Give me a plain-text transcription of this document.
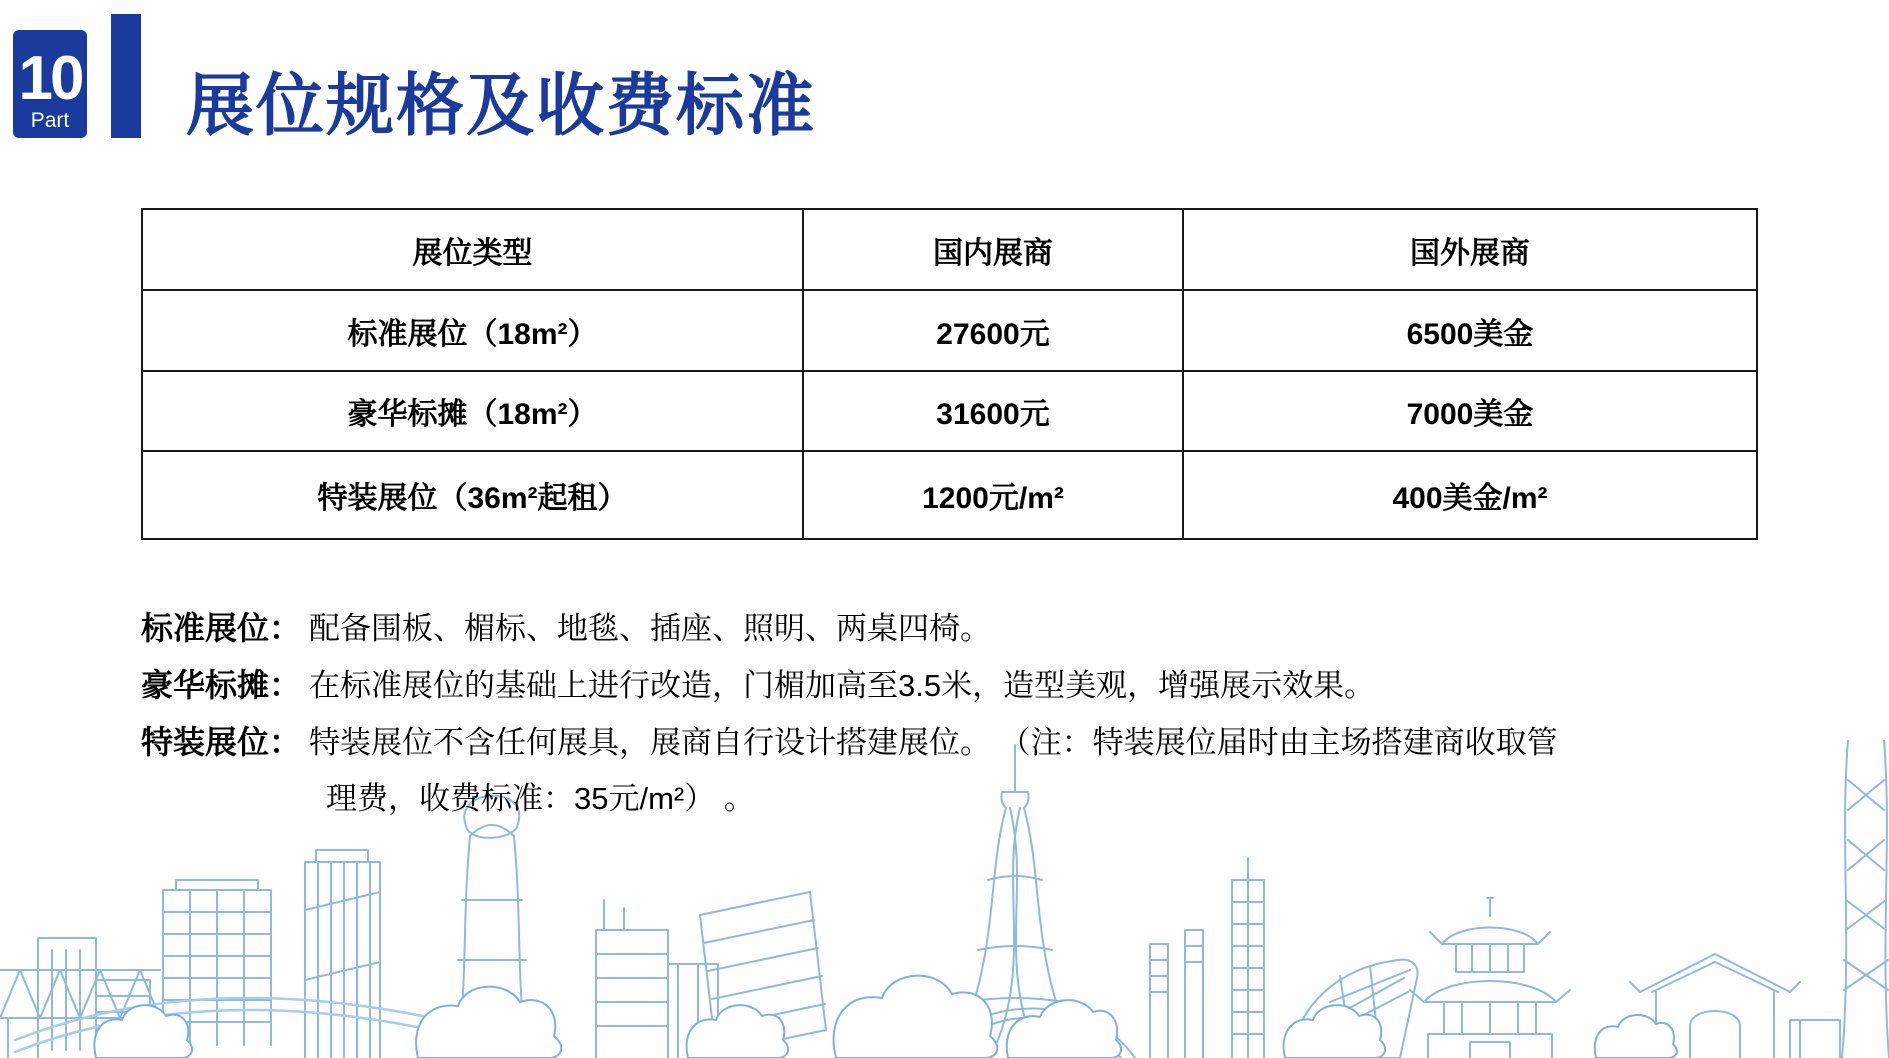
10
Part 展位规格及收费标准
展位类型	国内展商	国外展商
标准展位（18m²）	27600元	6500美金
豪华标摊（18m²）	31600元	7000美金
特装展位（36m²起租）	1200元/m²	400美金/m²
标准展位： 配备围板、楣标、地毯、插座、照明、两桌四椅。
豪华标摊： 在标准展位的基础上进行改造，门楣加高至3.5米，造型美观，增强展示效果。
特装展位： 特装展位不含任何展具，展商自行设计搭建展位。 （注：特装展位届时由主场搭建商收取管
理费，收费标准：35元/m²） 。
